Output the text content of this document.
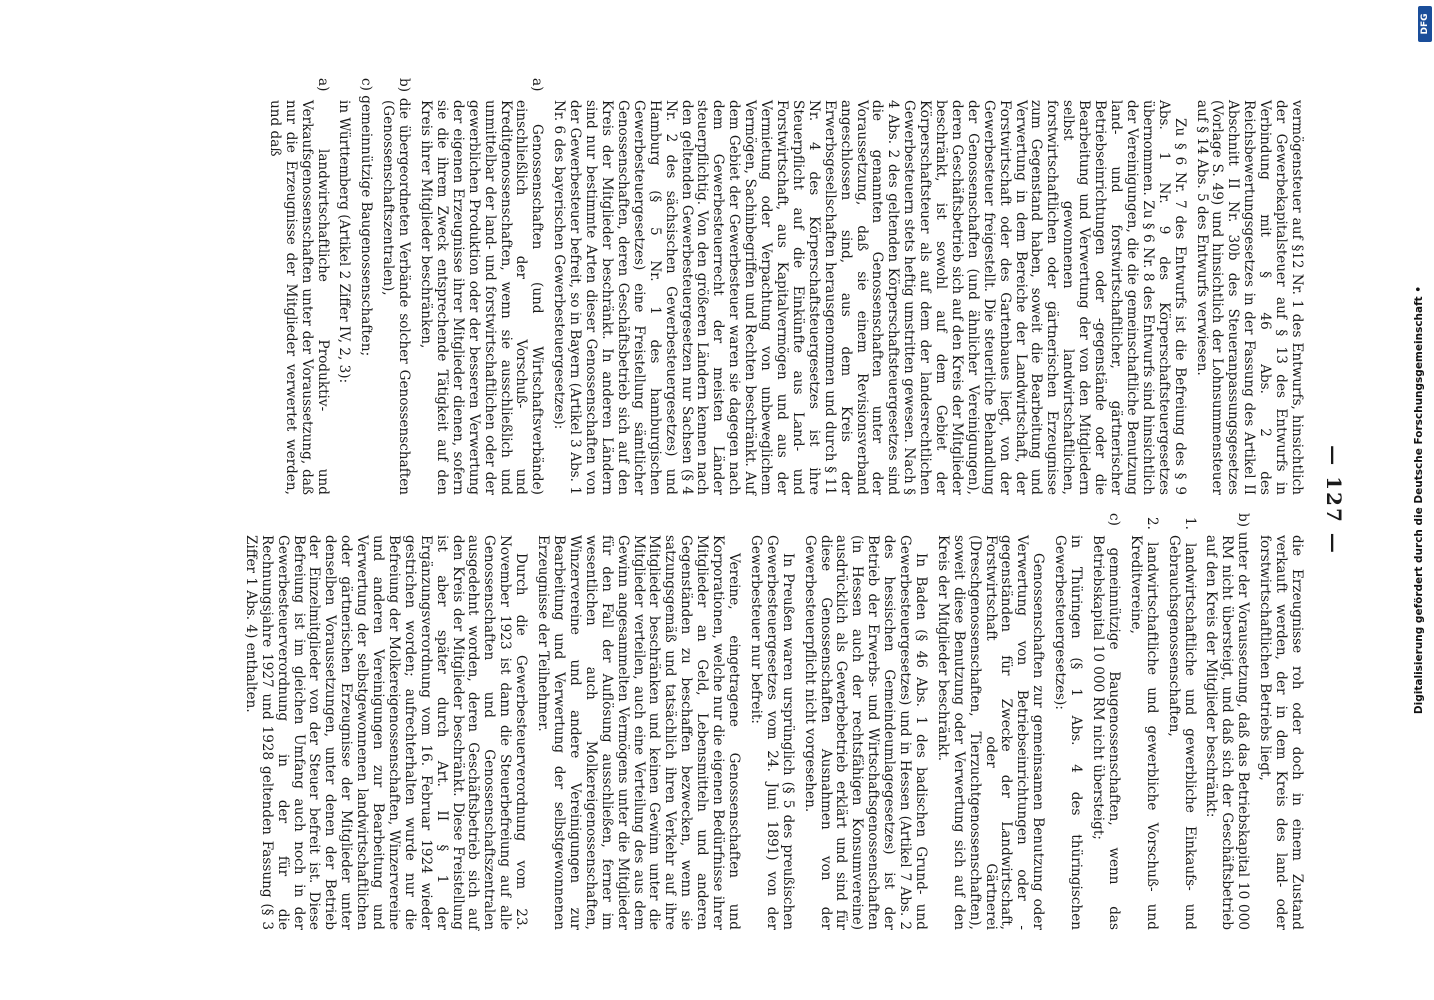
— 127 —

vermögensteuer auf §12 Nr. 1 des Entwurfs, hinsichtlich der Gewerbekapitalsteuer auf § 13 des Entwurfs in Verbindung mit § 46 Abs. 2 des Reichsbewertungsgesetzes in der Fassung des Artikel II Abschnitt II Nr. 30b des Steueranpassungsgesetzes (Vorlage S. 49) und hinsichtlich der Lohnsummensteuer auf § 14 Abs. 5 des Entwurfs verwiesen.

Zu § 6 Nr. 7 des Entwurfs ist die Befreiung des § 9 Abs. 1 Nr. 9 des Körperschaftsteuergesetzes übernommen. Zu § 6 Nr. 8 des Entwurfs sind hinsichtlich der Vereinigungen, die die gemeinschaftliche Benutzung land- und forstwirtschaftlicher, gärtnerischer Betriebseinrichtungen oder -gegenstände oder die Bearbeitung und Verwertung der von den Mitgliedern selbst gewonnenen landwirtschaftlichen, forstwirtschaftlichen oder gärtnerischen Erzeugnisse zum Gegenstand haben, soweit die Bearbeitung und Verwertung in dem Bereiche der Landwirtschaft, der Forstwirtschaft oder des Gartenbaues liegt, von der Gewerbesteuer freigestellt. Die steuerliche Behandlung der Genossenschaften (und ähnlicher Vereinigungen), deren Geschäftsbetrieb sich auf den Kreis der Mitglieder beschränkt, ist sowohl auf dem Gebiet der Körperschaftsteuer als auf dem der landesrechtlichen Gewerbesteuern stets heftig umstritten gewesen. Nach § 4 Abs. 2 des geltenden Körperschaftsteuergesetzes sind die genannten Genossenschaften unter der Voraussetzung, daß sie einem Revisionsverband angeschlossen sind, aus dem Kreis der Erwerbsgesellschaften herausgenommen und durch § 11 Nr. 4 des Körperschaftsteuergesetzes ist ihre Steuerpflicht auf die Einkünfte aus Land- und Forstwirtschaft, aus Kapitalvermögen und aus der Vermietung oder Verpachtung von unbeweglichem Vermögen, Sachinbegriffen und Rechten beschränkt. Auf dem Gebiet der Gewerbesteuer waren sie dagegen nach dem Gewerbesteuerrecht der meisten Länder steuerpflichtig. Von den größeren Ländern kennen nach den geltenden Gewerbesteuergesetzen nur Sachsen (§ 4 Nr. 2 des sächsischen Gewerbesteuergesetzes) und Hamburg (§ 5 Nr. 1 des hamburgischen Gewerbesteuergesetzes) eine Freistellung sämtlicher Genossenschaften, deren Geschäftsbetrieb sich auf den Kreis der Mitglieder beschränkt. In anderen Ländern sind nur bestimmte Arten dieser Genossenschaften von der Gewerbesteuer befreit, so in Bayern (Artikel 3 Abs. 1 Nr. 6 des bayerischen Gewerbesteuergesetzes):

a) Genossenschaften (und Wirtschaftsverbände) einschließlich der Vorschuß- und Kreditgenossenschaften, wenn sie ausschließlich und unmittelbar der land- und forstwirtschaftlichen oder der gewerblichen Produktion oder der besseren Verwertung der eigenen Erzeugnisse ihrer Mitglieder dienen, sofern sie die ihrem Zweck entsprechende Tätigkeit auf den Kreis ihrer Mitglieder beschränken,

b) die übergeordneten Verbände solcher Genossenschaften (Genossenschaftszentralen),

c) gemeinnützige Baugenossenschaften;

in Württemberg (Artikel 2 Ziffer IV, 2, 3):

a) landwirtschaftliche Produktiv- und Verkaufsgenossenschaften unter der Voraussetzung, daß nur die Erzeugnisse der Mitglieder verwertet werden, und daß

die Erzeugnisse roh oder doch in einem Zustand verkauft werden, der in dem Kreis des land- oder forstwirtschaftlichen Betriebs liegt,

b) unter der Voraussetzung, daß das Betriebskapital 10 000 RM nicht übersteigt, und daß sich der Geschäftsbetrieb auf den Kreis der Mitglieder beschränkt:

1. landwirtschaftliche und gewerbliche Einkaufs- und Gebrauchsgenossenschaften,

2. landwirtschaftliche und gewerbliche Vorschuß- und Kreditvereine,

c) gemeinnützige Baugenossenschaften, wenn das Betriebskapital 10 000 RM nicht übersteigt;

in Thüringen (§ 1 Abs. 4 des thüringischen Gewerbesteuergesetzes):

Genossenschaften zur gemeinsamen Benutzung oder Verwertung von Betriebseinrichtungen oder -gegenständen für Zwecke der Landwirtschaft, Forstwirtschaft oder Gärtnerei (Dreschgenossenschaften, Tierzuchtgenossenschaften), soweit diese Benutzung oder Verwertung sich auf den Kreis der Mitglieder beschränkt.

In Baden (§ 46 Abs. 1 des badischen Grund- und Gewerbesteuergesetzes) und in Hessen (Artikel 7 Abs. 2 des hessischen Gemeindeumlagegesetzes) ist der Betrieb der Erwerbs- und Wirtschaftsgenossenschaften (in Hessen auch der rechtsfähigen Konsumvereine) ausdrücklich als Gewerbebetrieb erklärt und sind für diese Genossenschaften Ausnahmen von der Gewerbesteuerpflicht nicht vorgesehen.

In Preußen waren ursprünglich (§ 5 des preußischen Gewerbesteuergesetzes vom 24. Juni 1891) von der Gewerbesteuer nur befreit:

Vereine, eingetragene Genossenschaften und Korporationen, welche nur die eigenen Bedürfnisse ihrer Mitglieder an Geld, Lebensmitteln und anderen Gegenständen zu beschaffen bezwecken, wenn sie satzungsgemäß und tatsächlich ihren Verkehr auf ihre Mitglieder beschränken und keinen Gewinn unter die Mitglieder verteilen, auch eine Verteilung des aus dem Gewinn angesammelten Vermögens unter die Mitglieder für den Fall der Auflösung ausschließen, ferner im wesentlichen auch Molkereigenossenschaften, Winzervereine und andere Vereinigungen zur Bearbeitung und Verwertung der selbstgewonnenen Erzeugnisse der Teilnehmer.

Durch die Gewerbesteuerverordnung vom 23. November 1923 ist dann die Steuerbefreiung auf alle Genossenschaften und Genossenschaftszentralen ausgedehnt worden, deren Geschäftsbetrieb sich auf den Kreis der Mitglieder beschränkt. Diese Freistellung ist aber später durch Art. II § 1 der Ergänzungsverordnung vom 16. Februar 1924 wieder gestrichen worden; aufrechterhalten wurde nur die Befreiung der Molkereigenossenschaften, Winzervereine und anderen Vereinigungen zur Bearbeitung und Verwertung der selbstgewonnenen landwirtschaftlichen oder gärtnerischen Erzeugnisse der Mitglieder unter denselben Voraussetzungen, unter denen der Betrieb der Einzelmitglieder von der Steuer befreit ist. Diese Befreiung ist im gleichen Umfang auch noch in der Gewerbesteuerverordnung in der für die Rechnungsjahre 1927 und 1928 geltenden Fassung (§ 3 Ziffer 1 Abs. 4) enthalten.	Digitalisierung gefördert durch die Deutsche Forschungsgemeinschaft •
DFG
